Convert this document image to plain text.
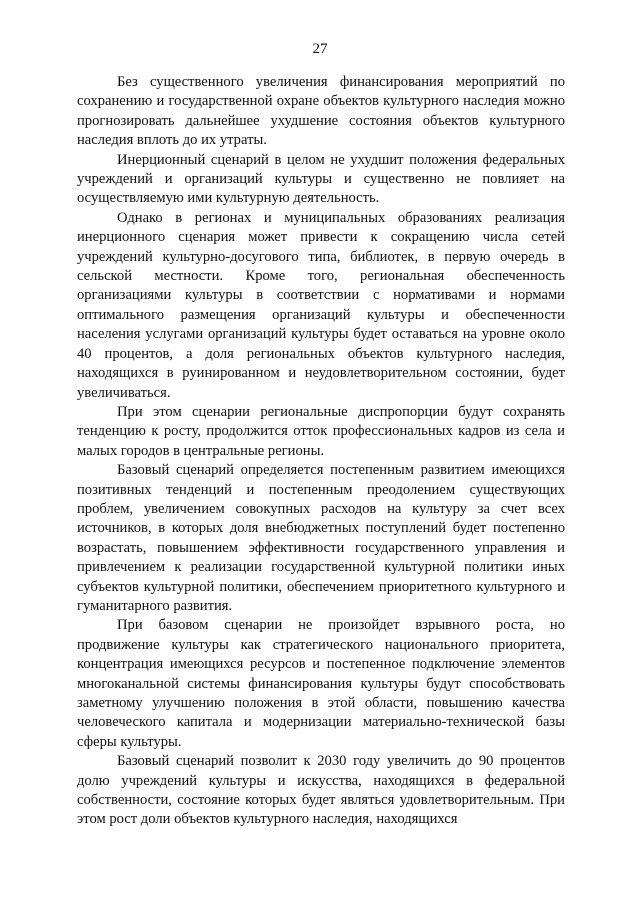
27

Без существенного увеличения финансирования мероприятий по сохранению и государственной охране объектов культурного наследия можно прогнозировать дальнейшее ухудшение состояния объектов культурного наследия вплоть до их утраты.

Инерционный сценарий в целом не ухудшит положения федеральных учреждений и организаций культуры и существенно не повлияет на осуществляемую ими культурную деятельность.

Однако в регионах и муниципальных образованиях реализация инерционного сценария может привести к сокращению числа сетей учреждений культурно-досугового типа, библиотек, в первую очередь в сельской местности. Кроме того, региональная обеспеченность организациями культуры в соответствии с нормативами и нормами оптимального размещения организаций культуры и обеспеченности населения услугами организаций культуры будет оставаться на уровне около 40 процентов, а доля региональных объектов культурного наследия, находящихся в руинированном и неудовлетворительном состоянии, будет увеличиваться.

При этом сценарии региональные диспропорции будут сохранять тенденцию к росту, продолжится отток профессиональных кадров из села и малых городов в центральные регионы.

Базовый сценарий определяется постепенным развитием имеющихся позитивных тенденций и постепенным преодолением существующих проблем, увеличением совокупных расходов на культуру за счет всех источников, в которых доля внебюджетных поступлений будет постепенно возрастать, повышением эффективности государственного управления и привлечением к реализации государственной культурной политики иных субъектов культурной политики, обеспечением приоритетного культурного и гуманитарного развития.

При базовом сценарии не произойдет взрывного роста, но продвижение культуры как стратегического национального приоритета, концентрация имеющихся ресурсов и постепенное подключение элементов многоканальной системы финансирования культуры будут способствовать заметному улучшению положения в этой области, повышению качества человеческого капитала и модернизации материально-технической базы сферы культуры.

Базовый сценарий позволит к 2030 году увеличить до 90 процентов долю учреждений культуры и искусства, находящихся в федеральной собственности, состояние которых будет являться удовлетворительным. При этом рост доли объектов культурного наследия, находящихся
